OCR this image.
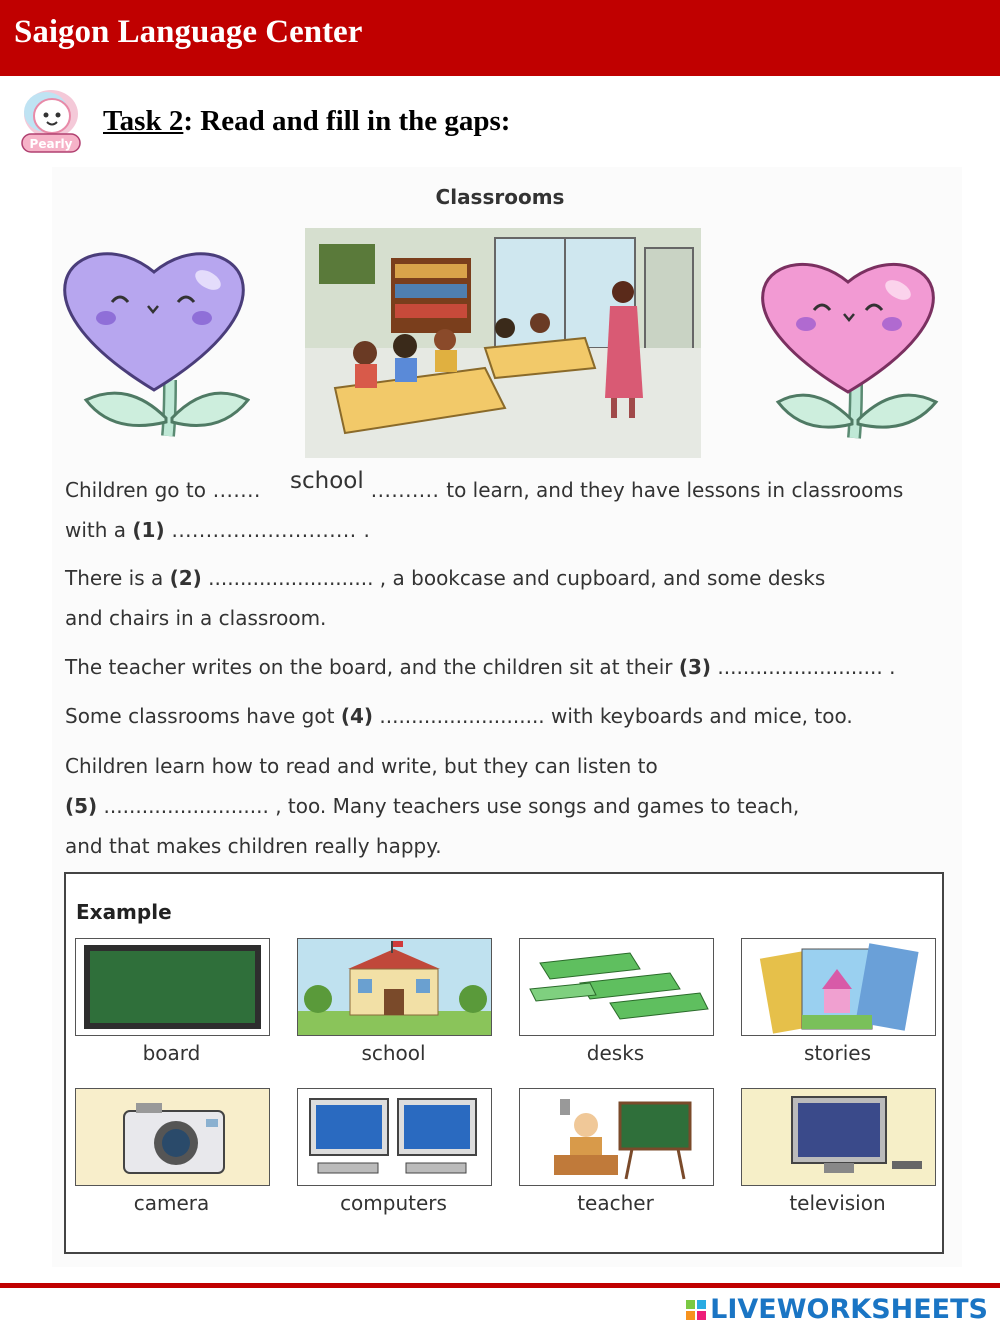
Saigon Language Center
Pearly
Task 2: Read and fill in the gaps:
Classrooms
school
Children go to .......	.......... to learn, and they have lessons in classrooms
with a (1) ........................... .
There is a (2) .......................... , a bookcase and cupboard, and some desks
and chairs in a classroom.
The teacher writes on the board, and the children sit at their (3) .......................... .
Some classrooms have got (4) .......................... with keyboards and mice, too.
Children learn how to read and write, but they can listen to
(5) .......................... , too. Many teachers use songs and games to teach,
and that makes children really happy.
Example
board	school	desks	stories
camera	computers	teacher	television
LIVEWORKSHEETS
